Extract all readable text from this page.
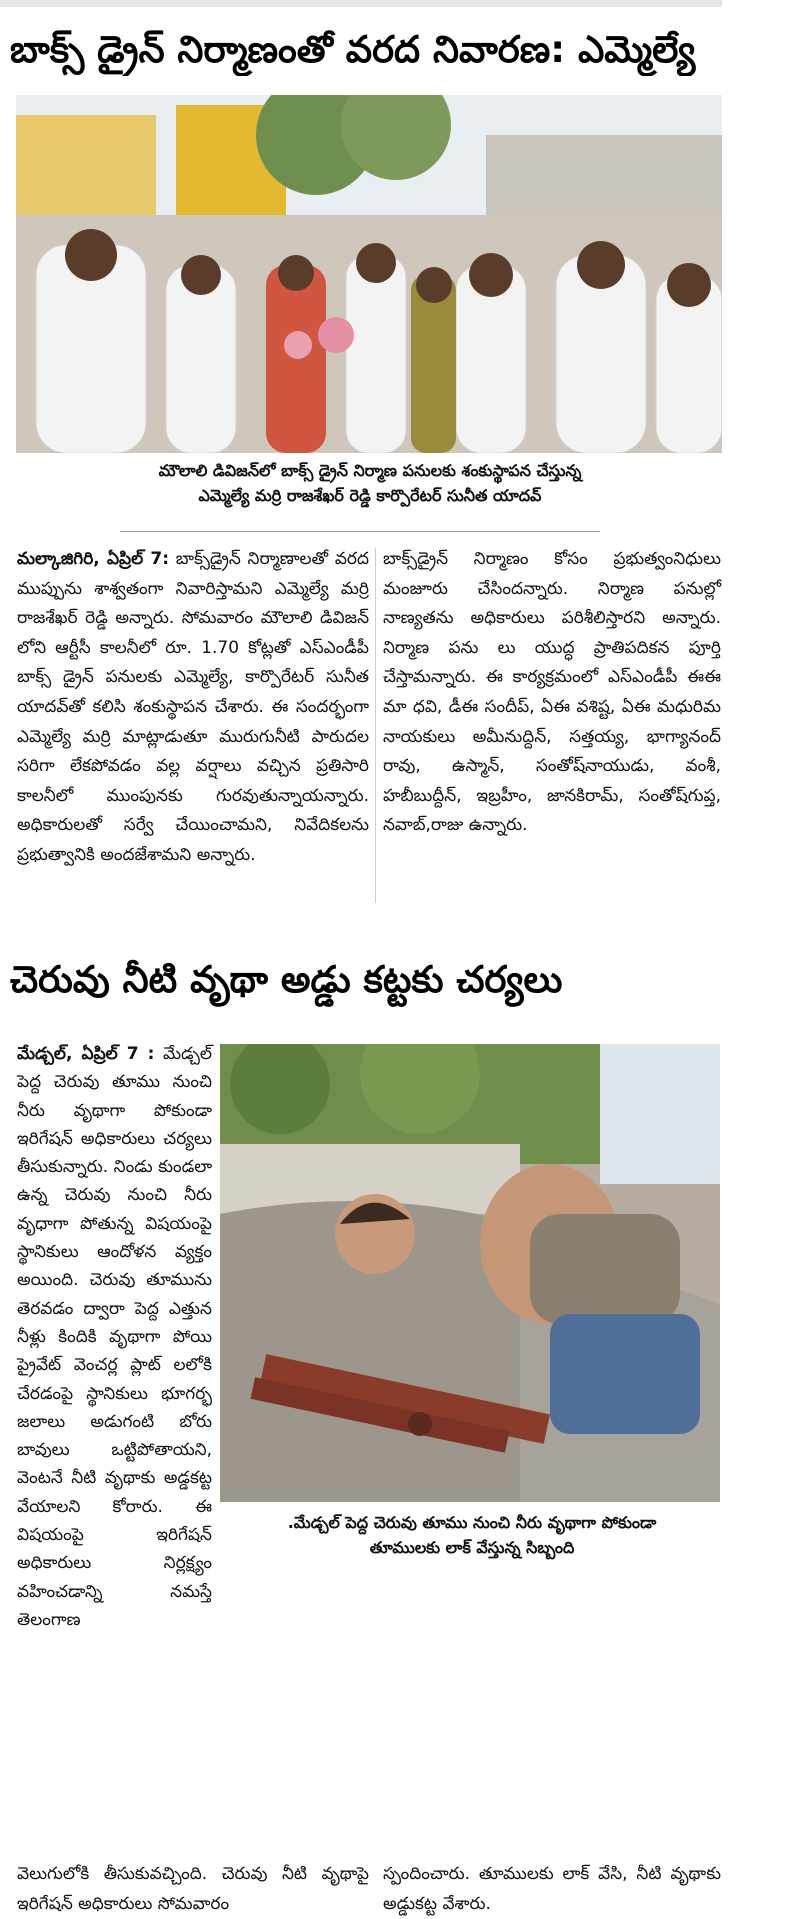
బాక్స్ డ్రైన్ నిర్మాణంతో వరద నివారణ: ఎమ్మెల్యే
మౌలాలి డివిజన్‌లో బాక్స్ డ్రైన్ నిర్మాణ పనులకు శంకుస్థాపన చేస్తున్న
ఎమ్మెల్యే మర్రి రాజశేఖర్ రెడ్డి కార్పొరేటర్ సునీత యాదవ్

మల్కాజిగిరి, ఏప్రిల్ 7: బాక్స్‌డ్రైన్ నిర్మాణాలతో వరద ముప్పును శాశ్వతంగా నివారిస్తామని ఎమ్మెల్యే మర్రి రాజశేఖర్ రెడ్డి అన్నారు. సోమవారం మౌలాలి డివిజన్ లోని ఆర్టీసీ కాలనీలో రూ. 1.70 కోట్లతో ఎస్ఎండీపీ బాక్స్ డ్రైన్ పనులకు ఎమ్మెల్యే, కార్పొరేటర్ సునీత యాదవ్‌తో కలిసి శంకుస్థాపన చేశారు. ఈ సందర్భంగా ఎమ్మెల్యే మర్రి మాట్లాడుతూ మురుగునీటి పారుదల సరిగా లేకపోవడం వల్ల వర్షాలు వచ్చిన ప్రతిసారి కాలనీలో ముంపునకు గురవుతున్నాయన్నారు. అధికారులతో సర్వే చేయించామని, నివేదికలను ప్రభుత్వానికి అందజేశామని అన్నారు.

బాక్స్‌డ్రైన్ నిర్మాణం కోసం ప్రభుత్వంనిధులు మంజూరు చేసిందన్నారు. నిర్మాణ పనుల్లో నాణ్యతను అధికారులు పరిశీలిస్తారని అన్నారు. నిర్మాణ పను లు యుద్ధ ప్రాతిపదికన పూర్తి చేస్తామన్నారు. ఈ కార్యక్రమంలో ఎస్ఎండీపీ ఈఈ మా ధవి, డీఈ సందీప్, ఏఈ వశిష్ట, ఏఈ మధురిమ నాయకులు అమీనుద్దిన్, సత్తయ్య, భాగ్యానంద్ రావు, ఉస్మాన్, సంతోష్‌నాయుడు, వంశీ, హబీబుద్దీన్, ఇబ్రహీం, జానకిరామ్, సంతోష్‌గుప్త, నవాబ్,రాజు ఉన్నారు.

చెరువు నీటి వృథా అడ్డు కట్టకు చర్యలు

మేడ్చల్, ఏప్రిల్ 7 : మేడ్చల్ పెద్ద చెరువు తూము నుంచి నీరు వృథాగా పోకుండా ఇరిగేషన్ అధికారులు చర్యలు తీసుకున్నారు. నిండు కుండలా ఉన్న చెరువు నుంచి నీరు వృధాగా పోతున్న విషయంపై స్థానికులు ఆందోళన వ్యక్తం అయింది. చెరువు తూమును తెరవడం ద్వారా పెద్ద ఎత్తున నీళ్లు కిందికి వృథాగా పోయి ప్రైవేట్ వెంచర్ల ప్లాట్ లలోకి చేరడంపై స్థానికులు భూగర్భ జలాలు అడుగంటి బోరు బావులు ఒట్టిపోతాయని, వెంటనే నీటి వృథాకు అడ్డకట్ట వేయాలని కోరారు. ఈ విషయంపై ఇరిగేషన్ అధికారులు నిర్లక్ష్యం వహించడాన్ని నమస్తే తెలంగాణ

.మేడ్చల్ పెద్ద చెరువు తూము నుంచి నీరు వృథాగా పోకుండా
తూములకు లాక్ వేస్తున్న సిబ్బంది
వెలుగులోకి తీసుకువచ్చింది. చెరువు నీటి వృథాపై ఇరిగేషన్ అధికారులు సోమవారం
స్పందించారు. తూములకు లాక్ వేసి, నీటి వృథాకు అడ్డుకట్ట వేశారు.
